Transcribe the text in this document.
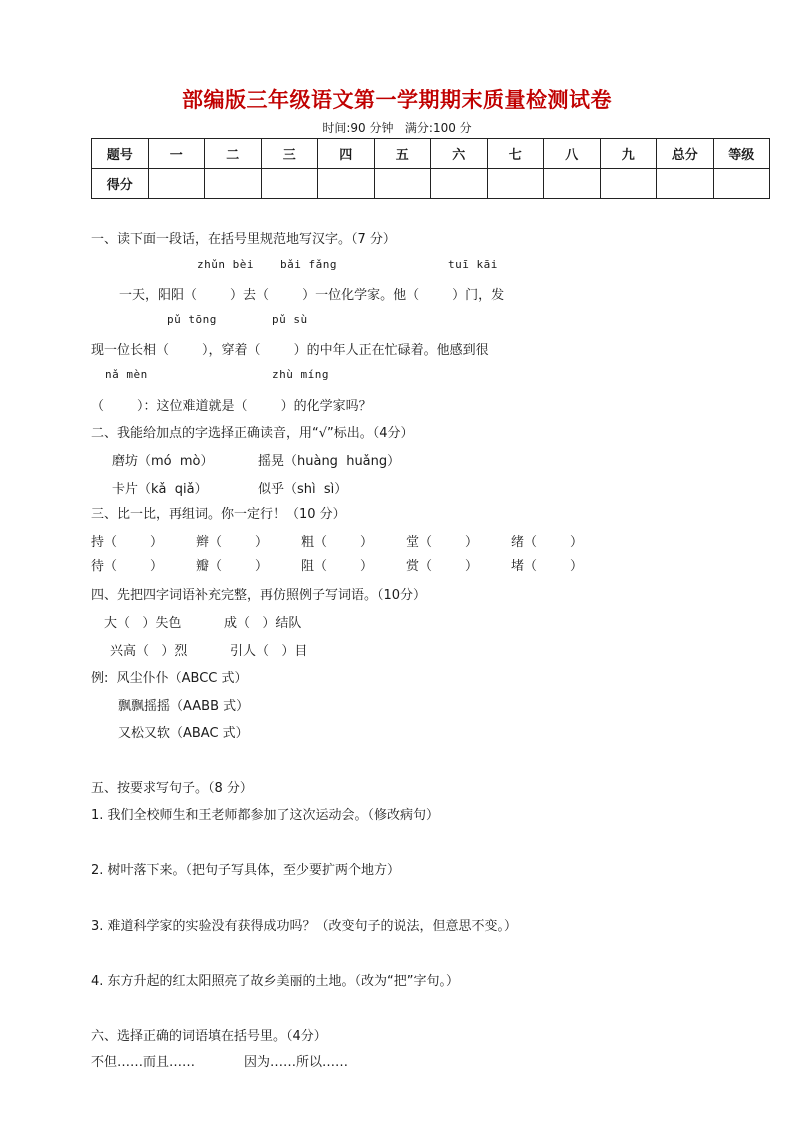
部编版三年级语文第一学期期末质量检测试卷
时间:90 分钟   满分:100 分
题号	一	二	三	四	五	六	七	八	九	总分	等级
得分											
一、读下面一段话，在括号里规范地写汉字。（7 分）
zhǔn bèi bǎi fǎng	tuī kāi
一天，阳阳（        ）去（        ）一位化学家。他（        ）门，发
pǔ tōng	pǔ sù
现一位长相（        ），穿着（        ）的中年人正在忙碌着。他感到很
nǎ mèn	zhù míng
（        ）：这位难道就是（        ）的化学家吗？
二、我能给加点的字选择正确读音，用“√”标出。（4分）
磨坊（mó  mò）	摇晃（huàng  huǎng）
卡片（kǎ  qiǎ）	似乎（shì  sì）
三、比一比，再组词。你一定行！（10 分）
持（        ）	辫（        ）	粗（        ）	堂（        ）	绪（        ）
待（        ）	瓣（        ）	阻（        ）	赏（        ）	堵（        ）
四、先把四字词语补充完整，再仿照例子写词语。（10分）
大（   ）失色	成（   ）结队
兴高（   ）烈	引人（   ）目
例:  风尘仆仆（ABCC 式）
飘飘摇摇（AABB 式）
又松又软（ABAC 式）
五、按要求写句子。（8 分）
1. 我们全校师生和王老师都参加了这次运动会。（修改病句）
2. 树叶落下来。（把句子写具体，至少要扩两个地方）
3. 难道科学家的实验没有获得成功吗？（改变句子的说法，但意思不变。）
4. 东方升起的红太阳照亮了故乡美丽的土地。（改为“把”字句。）
六、选择正确的词语填在括号里。（4分）
不但……而且……	因为……所以……
